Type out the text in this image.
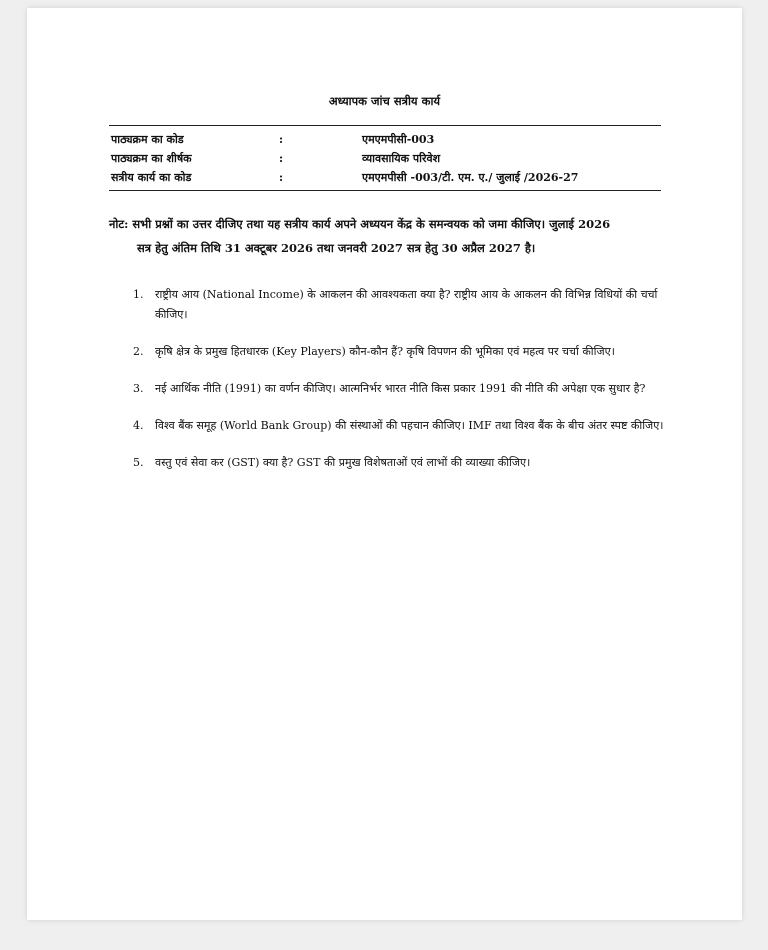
अध्यापक जांच सत्रीय कार्य
पाठ्यक्रम का कोड	:	एमएमपीसी-003
पाठ्यक्रम का शीर्षक	:	व्यावसायिक परिवेश
सत्रीय कार्य का कोड	:	एमएमपीसी -003/टी. एम. ए./ जुलाई /2026-27
नोट: सभी प्रश्नों का उत्तर दीजिए तथा यह सत्रीय कार्य अपने अध्ययन केंद्र के समन्वयक को जमा कीजिए। जुलाई 2026
सत्र हेतु अंतिम तिथि 31 अक्टूबर 2026 तथा जनवरी 2027 सत्र हेतु 30 अप्रैल 2027 है।
1. राष्ट्रीय आय (National Income) के आकलन की आवश्यकता क्या है? राष्ट्रीय आय के आकलन की विभिन्न विधियों की चर्चा कीजिए।
2. कृषि क्षेत्र के प्रमुख हितधारक (Key Players) कौन-कौन हैं? कृषि विपणन की भूमिका एवं महत्व पर चर्चा कीजिए।
3. नई आर्थिक नीति (1991) का वर्णन कीजिए। आत्मनिर्भर भारत नीति किस प्रकार 1991 की नीति की अपेक्षा एक सुधार है?
4. विश्व बैंक समूह (World Bank Group) की संस्थाओं की पहचान कीजिए। IMF तथा विश्व बैंक के बीच अंतर स्पष्ट कीजिए।
5. वस्तु एवं सेवा कर (GST) क्या है? GST की प्रमुख विशेषताओं एवं लाभों की व्याख्या कीजिए।
